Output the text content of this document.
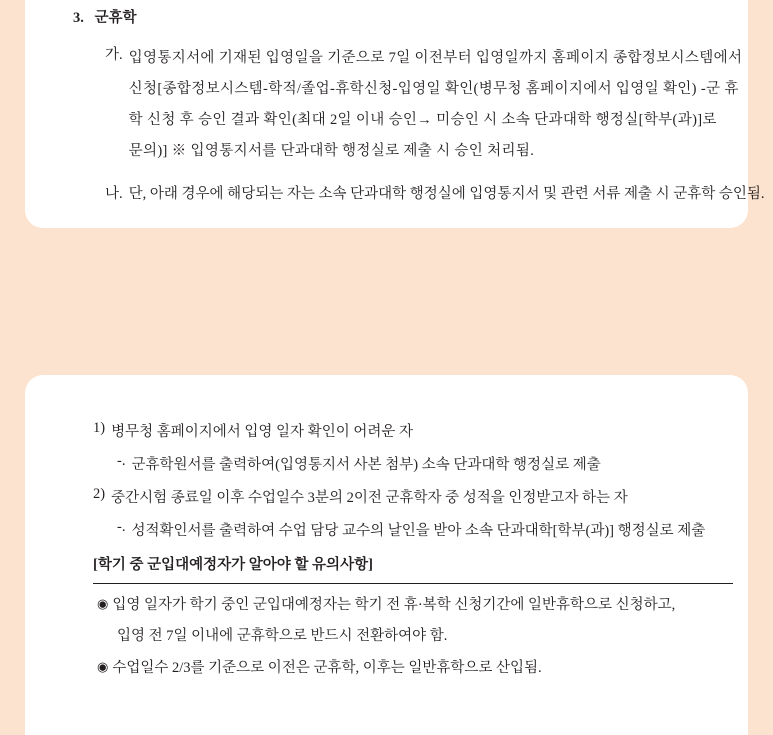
3. 군휴학
가. 입영통지서에 기재된 입영일을 기준으로 7일 이전부터 입영일까지 홈페이지 종합정보시스템에서
신청[종합정보시스템-학적/졸업-휴학신청-입영일 확인(병무청 홈페이지에서 입영일 확인) -군 휴
학 신청 후 승인 결과 확인(최대 2일 이내 승인→ 미승인 시 소속 단과대학 행정실[학부(과)]로
문의)] ※ 입영통지서를 단과대학 행정실로 제출 시 승인 처리됨.
나. 단, 아래 경우에 해당되는 자는 소속 단과대학 행정실에 입영통지서 및 관련 서류 제출 시 군휴학 승인됨.
1) 병무청 홈페이지에서 입영 일자 확인이 어려운 자
-. 군휴학원서를 출력하여(입영통지서 사본 첨부) 소속 단과대학 행정실로 제출
2) 중간시험 종료일 이후 수업일수 3분의 2이전 군휴학자 중 성적을 인정받고자 하는 자
-. 성적확인서를 출력하여 수업 담당 교수의 날인을 받아 소속 단과대학[학부(과)] 행정실로 제출
[학기 중 군입대예정자가 알아야 할 유의사항]
◉ 입영 일자가 학기 중인 군입대예정자는 학기 전 휴·복학 신청기간에 일반휴학으로 신청하고,
입영 전 7일 이내에 군휴학으로 반드시 전환하여야 함.
◉ 수업일수 2/3를 기준으로 이전은 군휴학, 이후는 일반휴학으로 산입됨.
